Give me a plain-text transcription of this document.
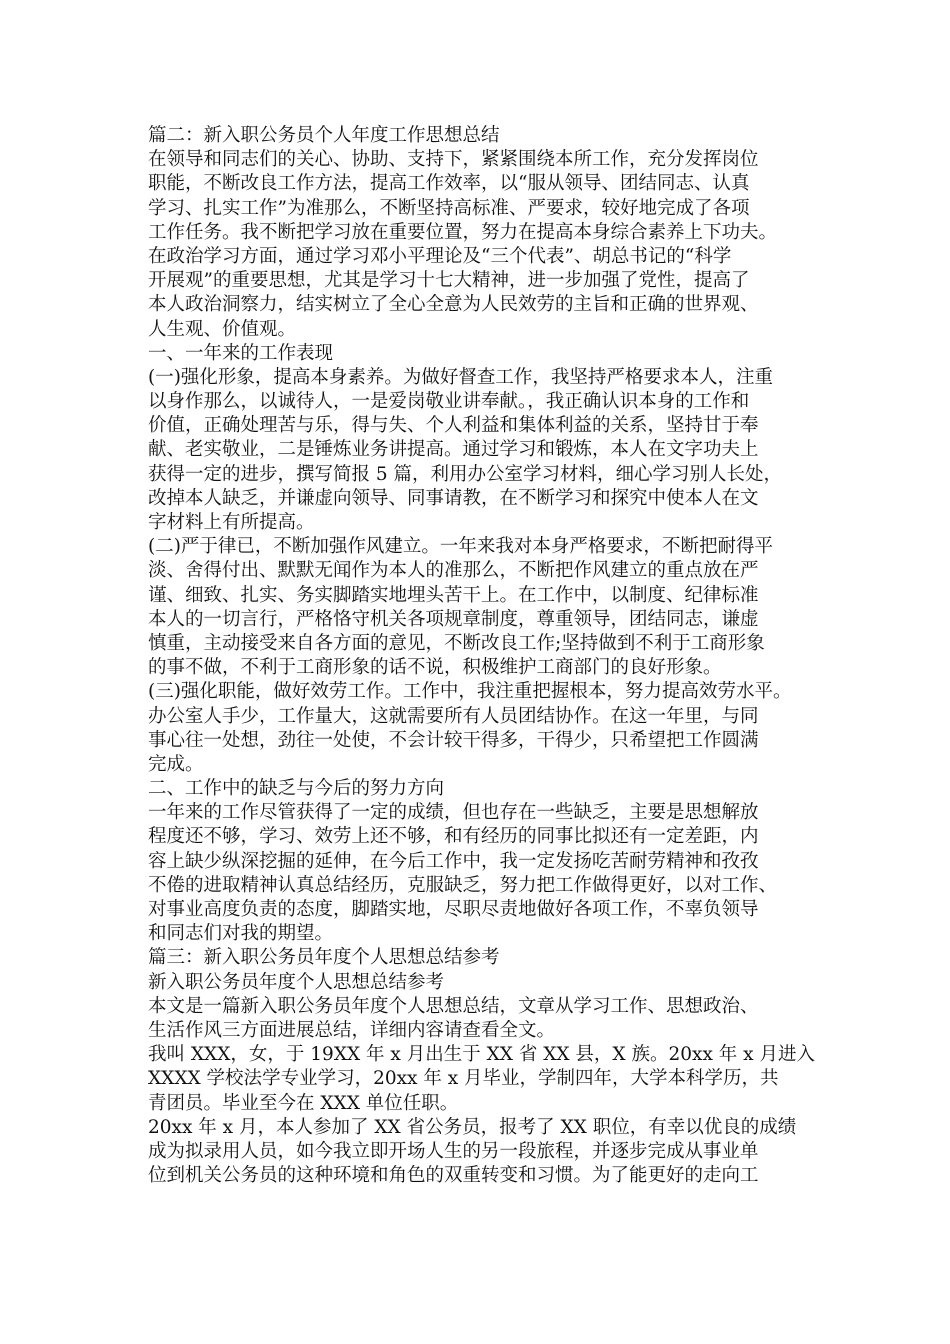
篇二：新入职公务员个人年度工作思想总结
在领导和同志们的关心、协助、支持下，紧紧围绕本所工作，充分发挥岗位
职能，不断改良工作方法，提高工作效率，以“服从领导、团结同志、认真
学习、扎实工作”为准那么，不断坚持高标准、严要求，较好地完成了各项
工作任务。我不断把学习放在重要位置，努力在提高本身综合素养上下功夫。
在政治学习方面，通过学习邓小平理论及“三个代表”、胡总书记的“科学
开展观”的重要思想，尤其是学习十七大精神，进一步加强了党性，提高了
本人政治洞察力，结实树立了全心全意为人民效劳的主旨和正确的世界观、
人生观、价值观。
一、一年来的工作表现
(一)强化形象，提高本身素养。为做好督查工作，我坚持严格要求本人，注重
以身作那么，以诚待人，一是爱岗敬业讲奉献。，我正确认识本身的工作和
价值，正确处理苦与乐，得与失、个人利益和集体利益的关系，坚持甘于奉
献、老实敬业，二是锤炼业务讲提高。通过学习和锻炼，本人在文字功夫上
获得一定的进步，撰写简报 5 篇，利用办公室学习材料，细心学习别人长处，
改掉本人缺乏，并谦虚向领导、同事请教，在不断学习和探究中使本人在文
字材料上有所提高。
(二)严于律已，不断加强作风建立。一年来我对本身严格要求，不断把耐得平
淡、舍得付出、默默无闻作为本人的准那么，不断把作风建立的重点放在严
谨、细致、扎实、务实脚踏实地埋头苦干上。在工作中，以制度、纪律标准
本人的一切言行，严格恪守机关各项规章制度，尊重领导，团结同志，谦虚
慎重，主动接受来自各方面的意见，不断改良工作;坚持做到不利于工商形象
的事不做，不利于工商形象的话不说，积极维护工商部门的良好形象。
(三)强化职能，做好效劳工作。工作中，我注重把握根本，努力提高效劳水平。
办公室人手少，工作量大，这就需要所有人员团结协作。在这一年里，与同
事心往一处想，劲往一处使，不会计较干得多，干得少，只希望把工作圆满
完成。
二、工作中的缺乏与今后的努力方向
一年来的工作尽管获得了一定的成绩，但也存在一些缺乏，主要是思想解放
程度还不够，学习、效劳上还不够，和有经历的同事比拟还有一定差距，内
容上缺少纵深挖掘的延伸，在今后工作中，我一定发扬吃苦耐劳精神和孜孜
不倦的进取精神认真总结经历，克服缺乏，努力把工作做得更好，以对工作、
对事业高度负责的态度，脚踏实地，尽职尽责地做好各项工作，不辜负领导
和同志们对我的期望。
篇三：新入职公务员年度个人思想总结参考
新入职公务员年度个人思想总结参考
本文是一篇新入职公务员年度个人思想总结，文章从学习工作、思想政治、
生活作风三方面进展总结，详细内容请查看全文。
我叫 XXX，女，于 19XX 年 x 月出生于 XX 省 XX 县，X 族。20xx 年 x 月进入
XXXX 学校法学专业学习，20xx 年 x 月毕业，学制四年，大学本科学历，共
青团员。毕业至今在 XXX 单位任职。
20xx 年 x 月，本人参加了 XX 省公务员，报考了 XX 职位，有幸以优良的成绩
成为拟录用人员，如今我立即开场人生的另一段旅程，并逐步完成从事业单
位到机关公务员的这种环境和角色的双重转变和习惯。为了能更好的走向工
